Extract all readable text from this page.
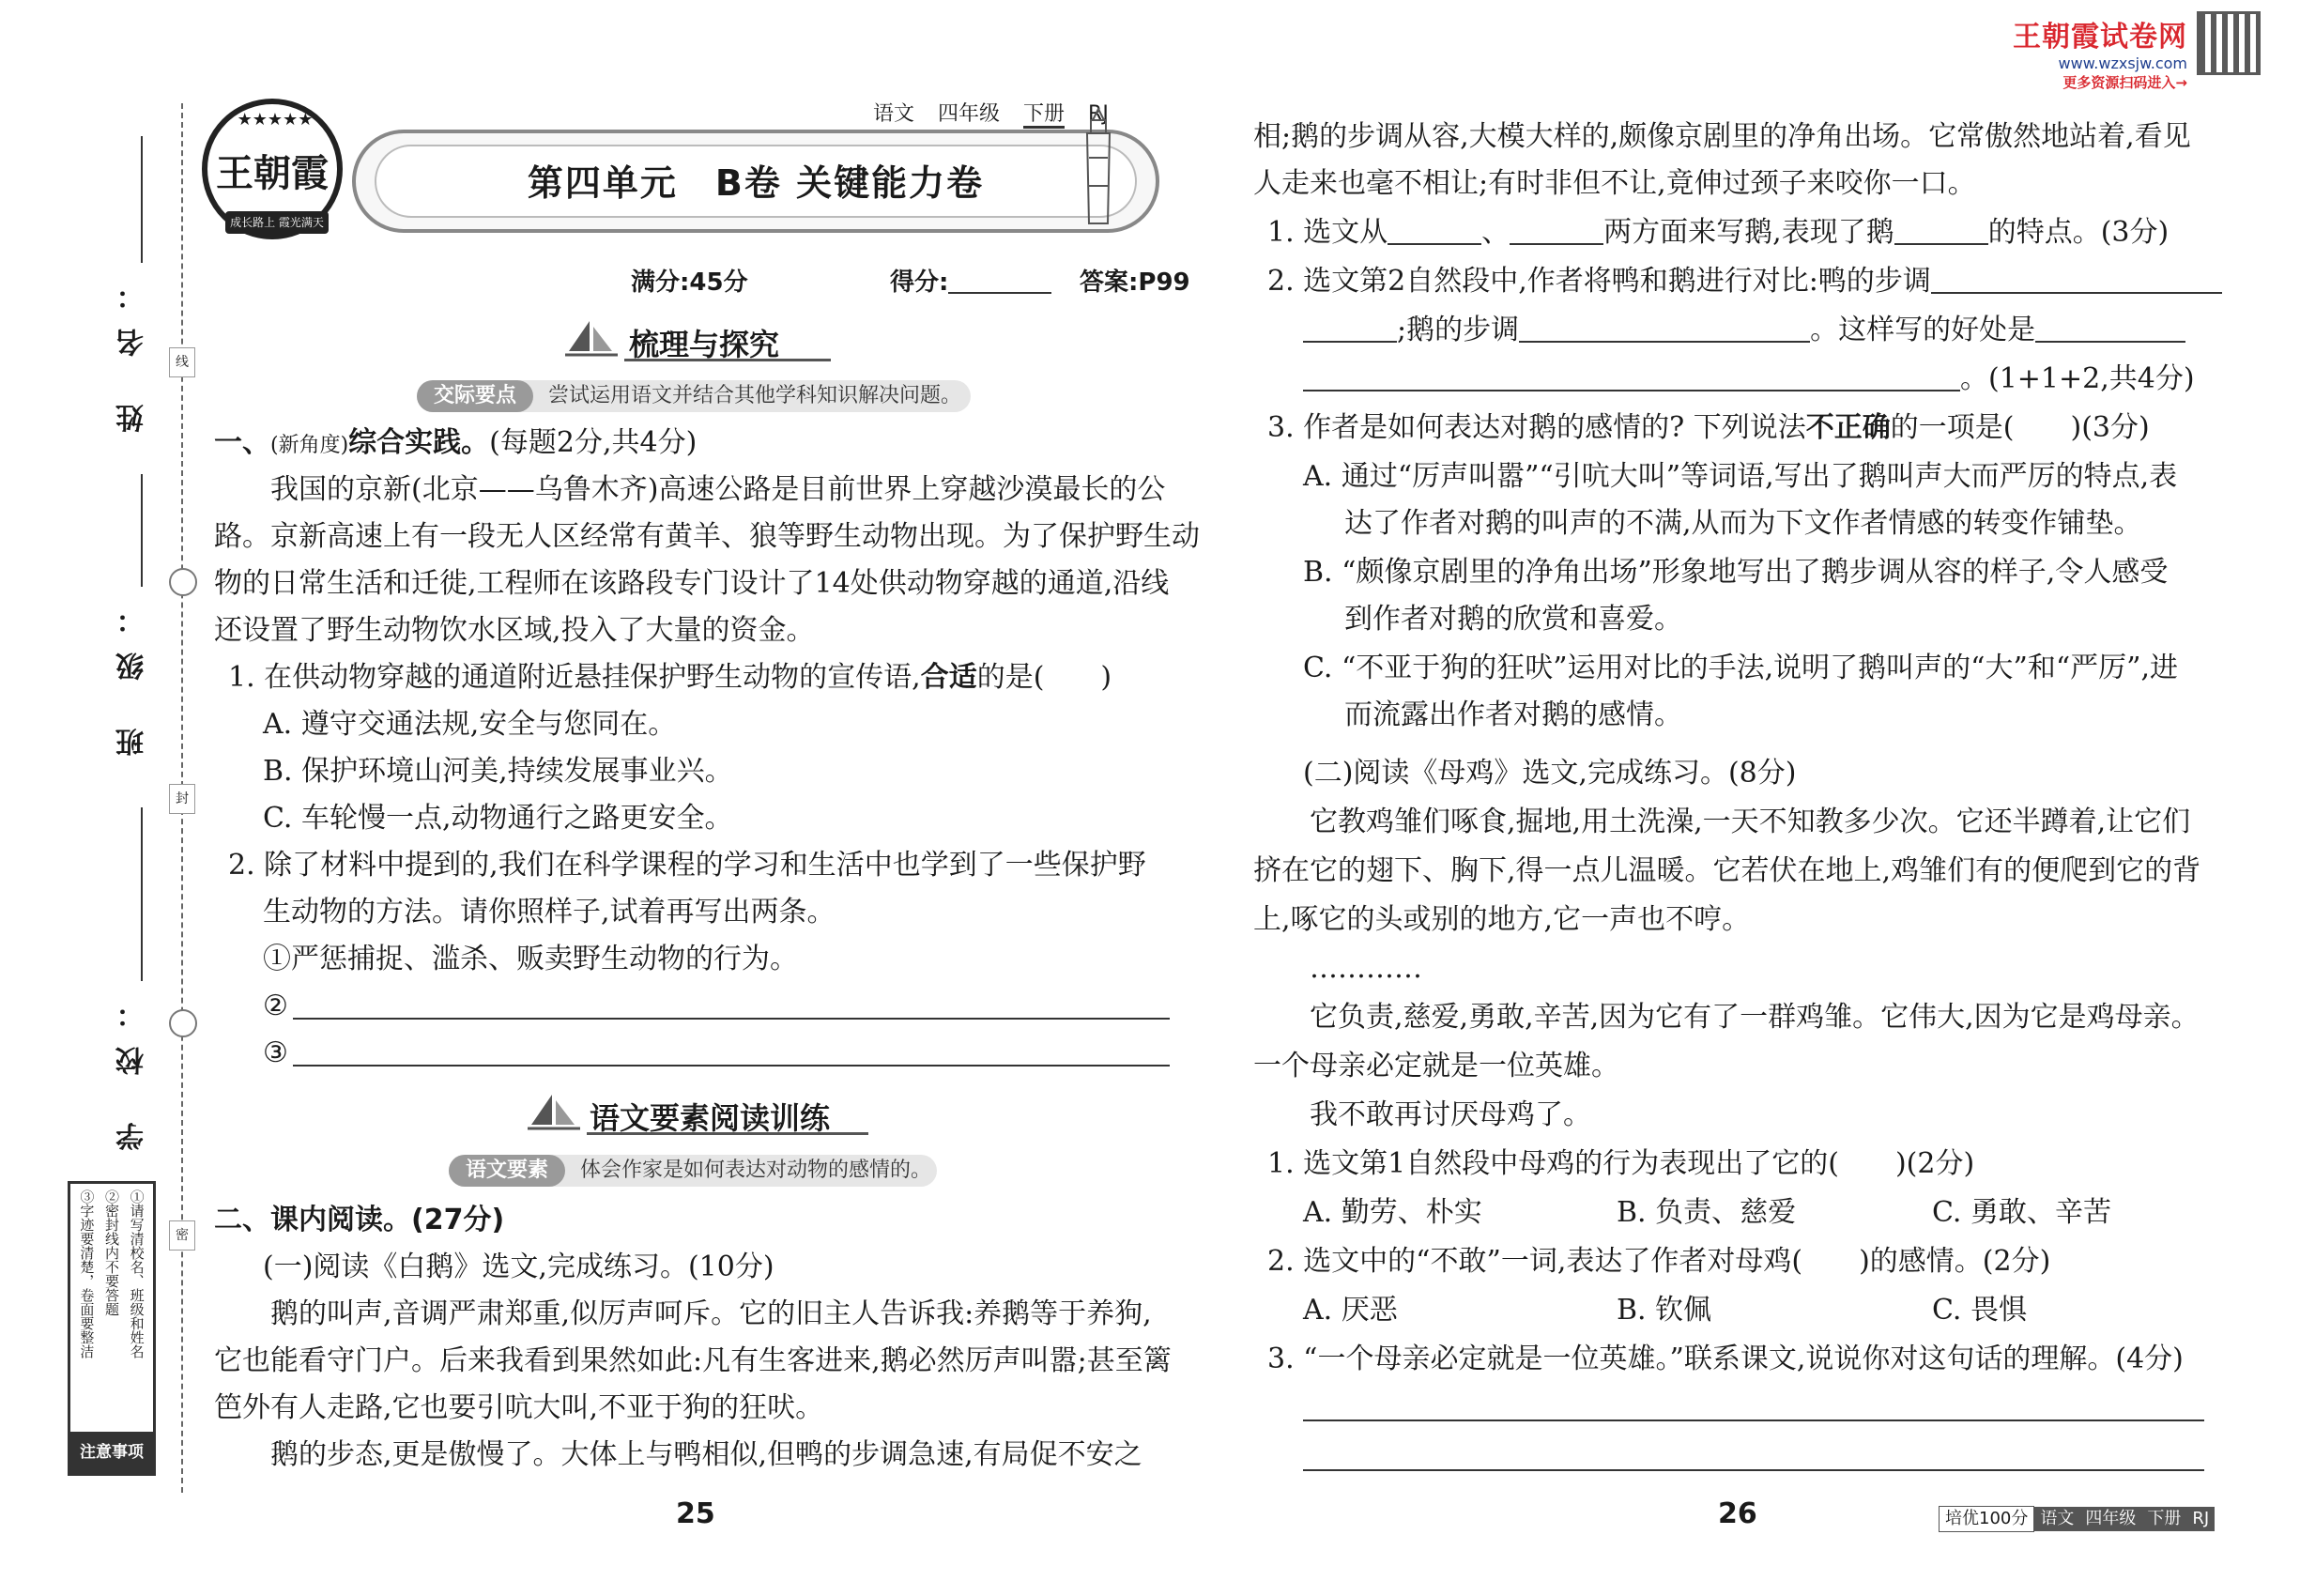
姓 名：
班 级：
学 校：
线
封
密
①请写清校名、班级和姓名
②密封线内不要答题
③字迹要清楚，卷面要整洁
注意事项
★★★★★
王朝霞
成长路上 霞光满天
语文 四年级 下册 RJ
第四单元　B卷 关键能力卷
满分:45分	得分:	答案:P99
梳理与探究
交际要点	尝试运用语文并结合其他学科知识解决问题。
一、(新角度)综合实践。(每题2分,共4分)
我国的京新(北京——乌鲁木齐)高速公路是目前世界上穿越沙漠最长的公
路。京新高速上有一段无人区经常有黄羊、狼等野生动物出现。为了保护野生动
物的日常生活和迁徙,工程师在该路段专门设计了14处供动物穿越的通道,沿线
还设置了野生动物饮水区域,投入了大量的资金。
1. 在供动物穿越的通道附近悬挂保护野生动物的宣传语,合适的是(　　)
A. 遵守交通法规,安全与您同在。
B. 保护环境山河美,持续发展事业兴。
C. 车轮慢一点,动物通行之路更安全。
2. 除了材料中提到的,我们在科学课程的学习和生活中也学到了一些保护野
生动物的方法。请你照样子,试着再写出两条。
①严惩捕捉、滥杀、贩卖野生动物的行为。
②
③
语文要素阅读训练
语文要素	体会作家是如何表达对动物的感情的。
二、课内阅读。(27分)
(一)阅读《白鹅》选文,完成练习。(10分)
鹅的叫声,音调严肃郑重,似厉声呵斥。它的旧主人告诉我:养鹅等于养狗,
它也能看守门户。后来我看到果然如此:凡有生客进来,鹅必然厉声叫嚣;甚至篱
笆外有人走路,它也要引吭大叫,不亚于狗的狂吠。
鹅的步态,更是傲慢了。大体上与鸭相似,但鸭的步调急速,有局促不安之
25
王朝霞试卷网
www.wzxsjw.com
更多资源扫码进入→
相;鹅的步调从容,大模大样的,颇像京剧里的净角出场。它常傲然地站着,看见
人走来也毫不相让;有时非但不让,竟伸过颈子来咬你一口。
1. 选文从	、	两方面来写鹅,表现了鹅	的特点。(3分)
2. 选文第2自然段中,作者将鸭和鹅进行对比:鸭的步调
;鹅的步调	。这样写的好处是
。(1+1+2,共4分)
3. 作者是如何表达对鹅的感情的? 下列说法不正确的一项是(　　)(3分)
A. 通过“厉声叫嚣”“引吭大叫”等词语,写出了鹅叫声大而严厉的特点,表
达了作者对鹅的叫声的不满,从而为下文作者情感的转变作铺垫。
B. “颇像京剧里的净角出场”形象地写出了鹅步调从容的样子,令人感受
到作者对鹅的欣赏和喜爱。
C. “不亚于狗的狂吠”运用对比的手法,说明了鹅叫声的“大”和“严厉”,进
而流露出作者对鹅的感情。
(二)阅读《母鸡》选文,完成练习。(8分)
它教鸡雏们啄食,掘地,用土洗澡,一天不知教多少次。它还半蹲着,让它们
挤在它的翅下、胸下,得一点儿温暖。它若伏在地上,鸡雏们有的便爬到它的背
上,啄它的头或别的地方,它一声也不哼。
…………
它负责,慈爱,勇敢,辛苦,因为它有了一群鸡雏。它伟大,因为它是鸡母亲。
一个母亲必定就是一位英雄。
我不敢再讨厌母鸡了。
1. 选文第1自然段中母鸡的行为表现出了它的(　　)(2分)
A. 勤劳、朴实	B. 负责、慈爱	C. 勇敢、辛苦
2. 选文中的“不敢”一词,表达了作者对母鸡(　　)的感情。(2分)
A. 厌恶	B. 钦佩	C. 畏惧
3. “一个母亲必定就是一位英雄。”联系课文,说说你对这句话的理解。(4分)
26	培优100分 语文 四年级 下册 RJ
